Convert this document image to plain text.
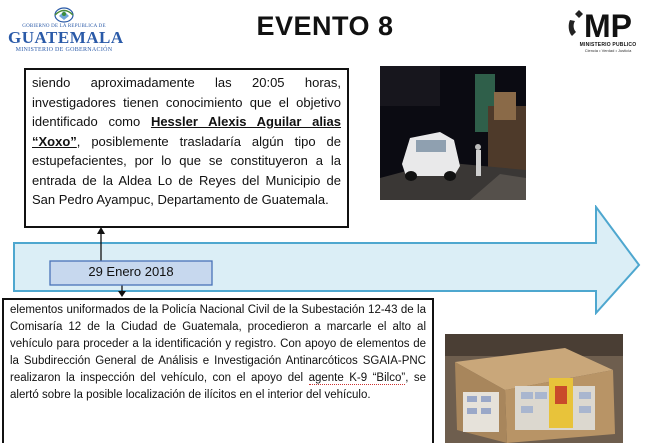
GOBIERNO DE LA REPUBLICA DE
GUATEMALA
MINISTERIO DE GOBERNACIÓN
EVENTO 8	MP
MINISTERIO PUBLICO
Ciencia • Verdad • Justicia
29 Enero 2018
siendo aproximadamente las 20:05 horas, investigadores tienen conocimiento que el objetivo identificado como Hessler Alexis Aguilar alias “Xoxo”, posiblemente trasladaría algún tipo de estupefacientes, por lo que se constituyeron a la entrada de la Aldea Lo de Reyes del Municipio de San Pedro Ayampuc, Departamento de Guatemala.
elementos uniformados de la Policía Nacional Civil de la Subestación 12-43 de la Comisaría 12 de la Ciudad de Guatemala, procedieron a marcarle el alto al vehículo para proceder a la identificación y registro. Con apoyo de elementos de la Subdirección General de Análisis e Investigación Antinarcóticos SGAIA-PNC realizaron la inspección del vehículo, con el apoyo del agente K-9 “Bilco”, se alertó sobre la posible localización de ilícitos en el interior del vehículo.
